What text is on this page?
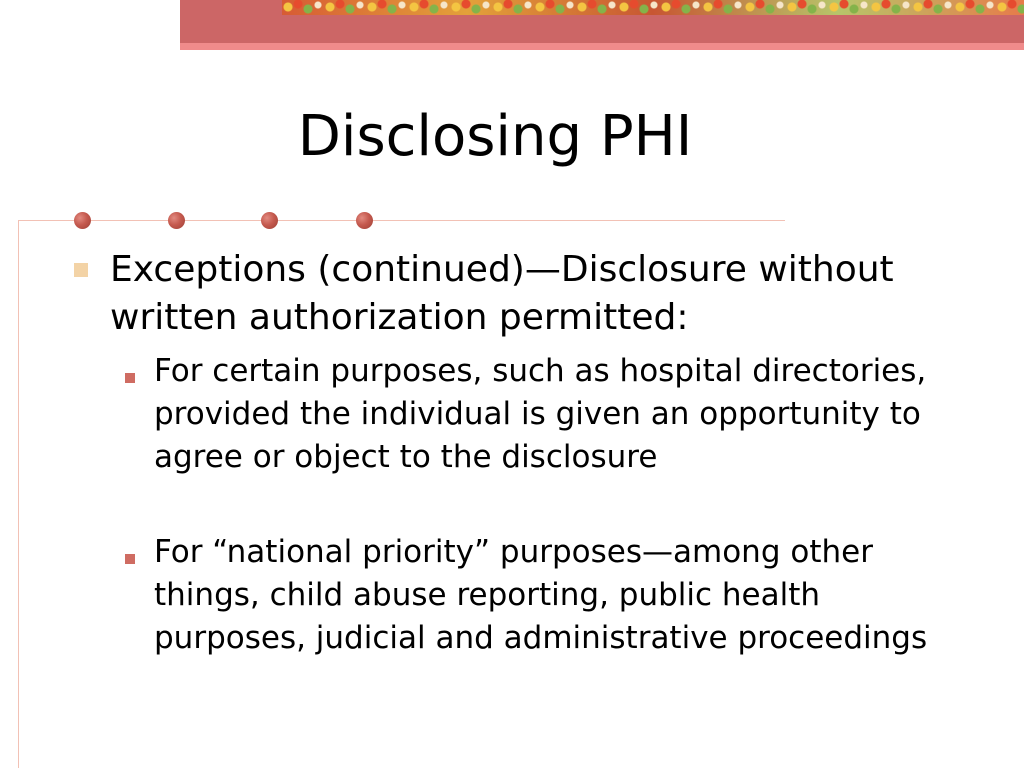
Disclosing PHI
Exceptions (continued)—Disclosure without written authorization permitted:
For certain purposes, such as hospital directories, provided the individual is given an opportunity to agree or object to the disclosure
For “national priority” purposes—among other things, child abuse reporting, public health purposes, judicial and administrative proceedings
